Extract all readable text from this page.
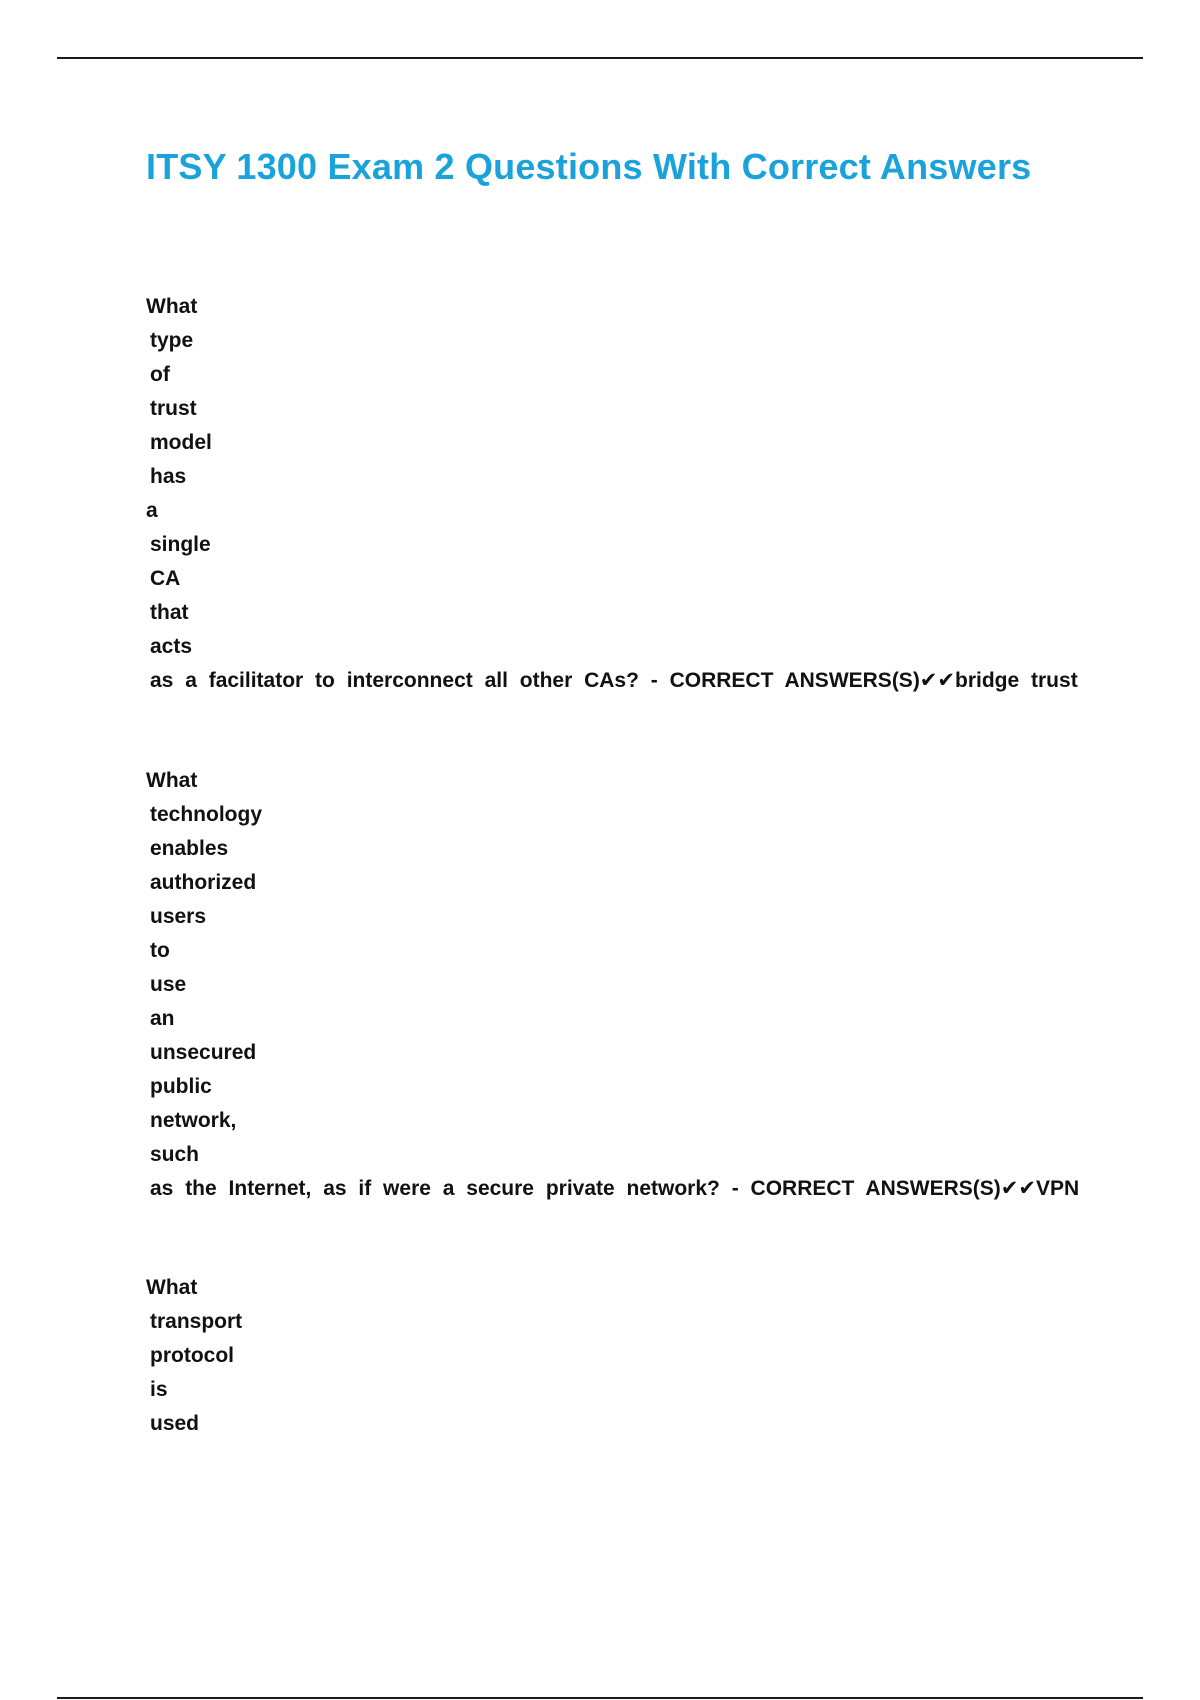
ITSY 1300 Exam 2 Questions With Correct Answers
What
type
of
trust
model
has
a
single
CA
that
acts
as a facilitator to interconnect all other CAs? - CORRECT ANSWERS(S)✔✔bridge trust
What
technology
enables
authorized
users
to
use
an
unsecured
public
network,
such
as the Internet, as if were a secure private network? - CORRECT ANSWERS(S)✔✔VPN
What
transport
protocol
is
used
